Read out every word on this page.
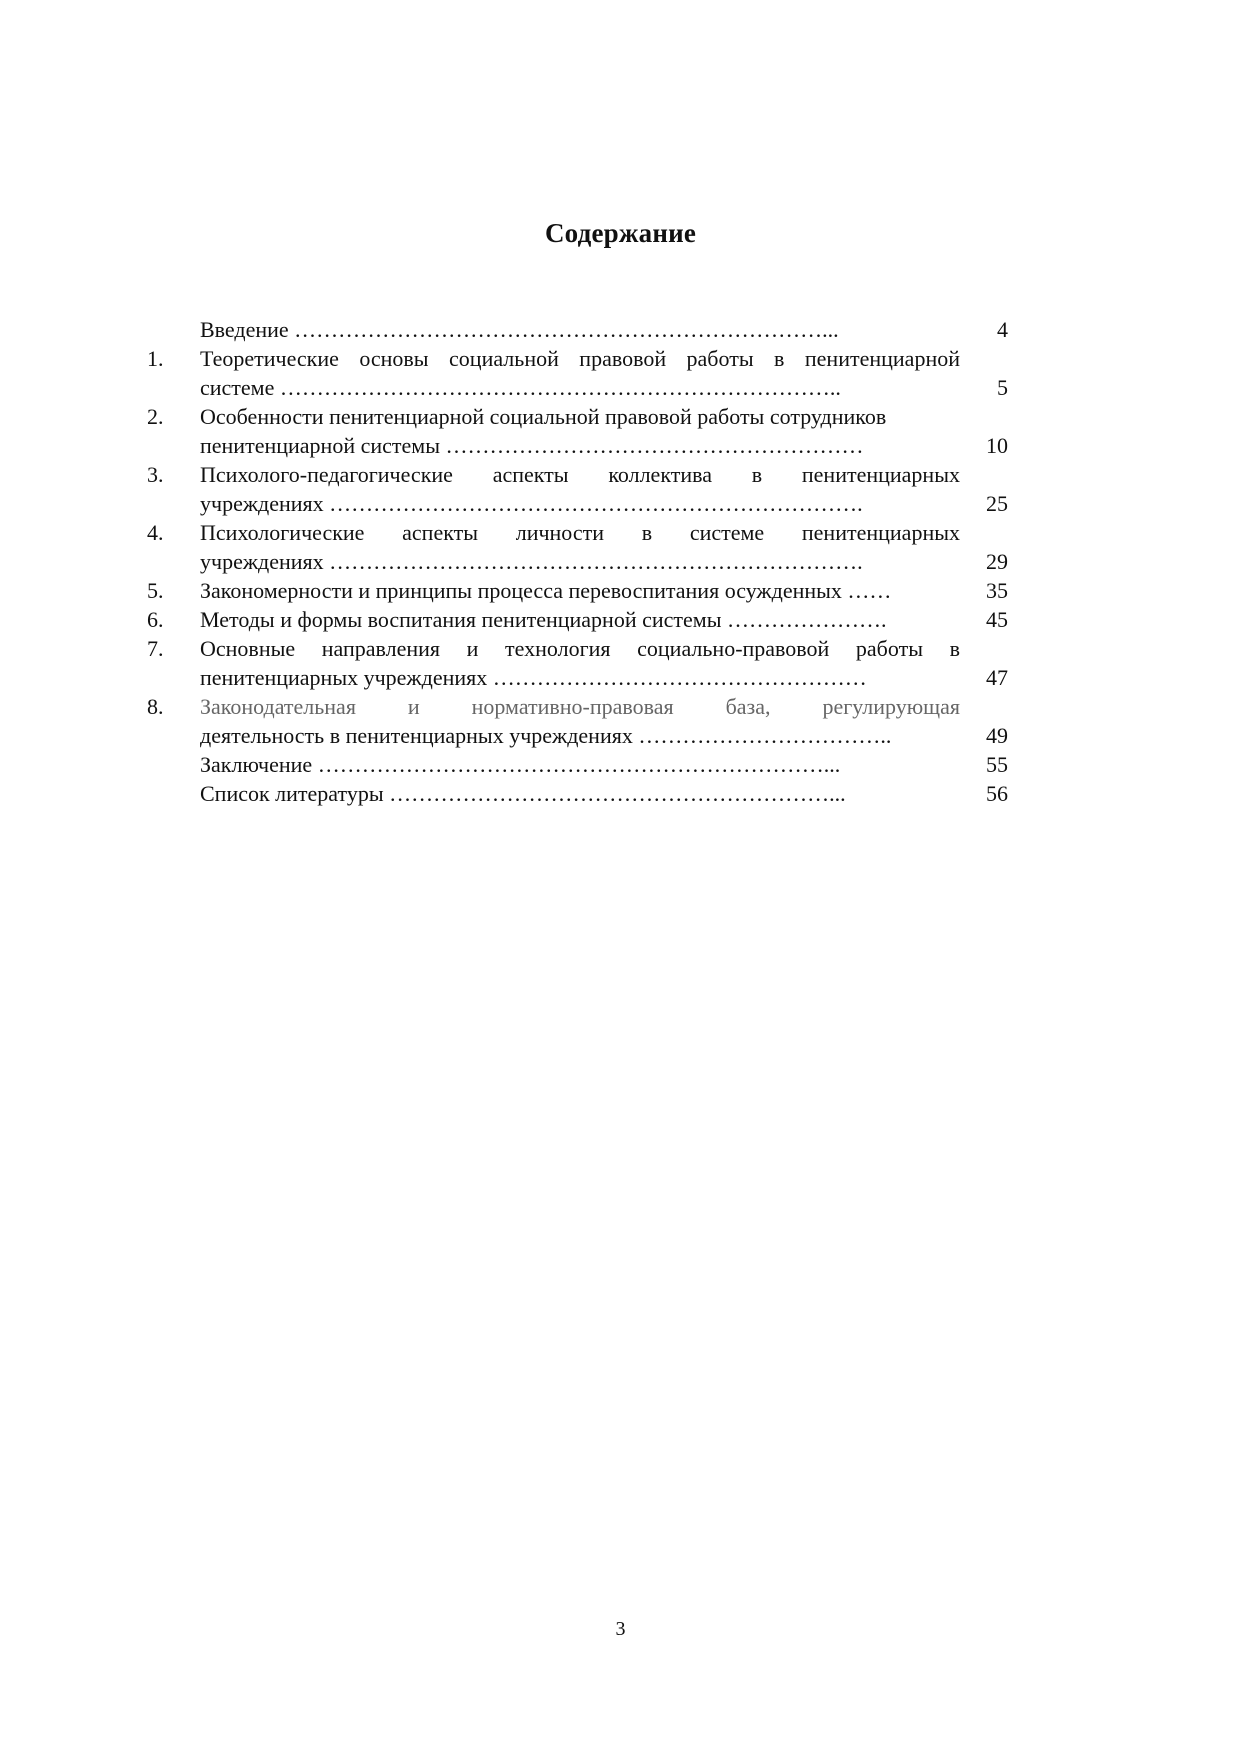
Содержание
Введение ………………………………………………………………...	4
1. Теоретические основы социальной правовой работы в пенитенциарной
системе …………………………………………………………………..	5
2. Особенности пенитенциарной социальной правовой работы сотрудников
пенитенциарной системы …………………………………………………	10
3. Психолого-педагогические аспекты коллектива в пенитенциарных
учреждениях ……………………………………………………………….	25
4. Психологические аспекты личности в системе пенитенциарных
учреждениях ……………………………………………………………….	29
5. Закономерности и принципы процесса перевоспитания осужденных ……	35
6. Методы и формы воспитания пенитенциарной системы ………………….	45
7. Основные направления и технология социально-правовой работы в
пенитенциарных учреждениях ……………………………………………	47
8. Законодательная и нормативно-правовая база, регулирующая
деятельность в пенитенциарных учреждениях ……………………………..	49
Заключение ……………………………………………………………...	55
Список литературы ……………………………………………………...	56
3
